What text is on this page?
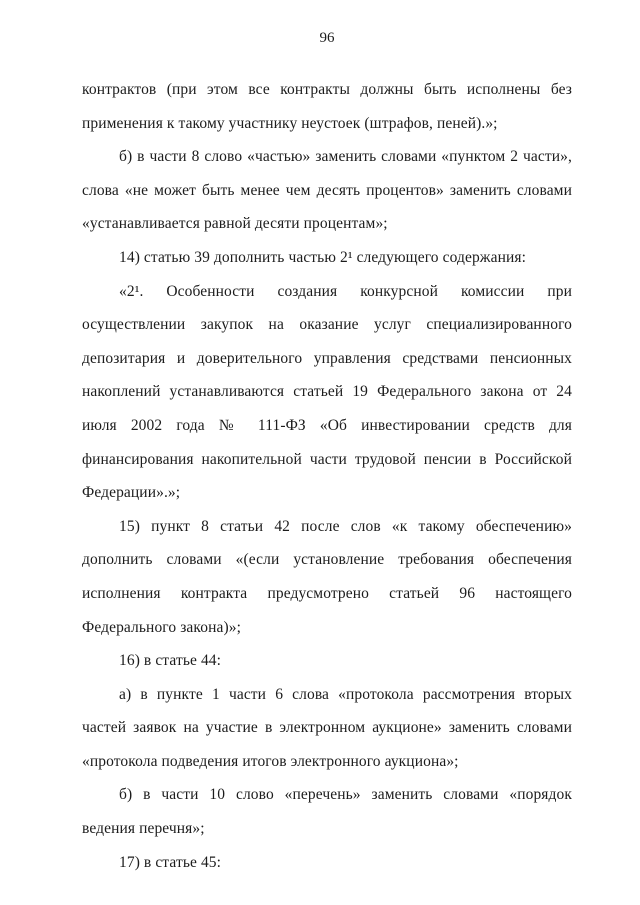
96

контрактов (при этом все контракты должны быть исполнены без применения к такому участнику неустоек (штрафов, пеней).»;

б) в части 8 слово «частью» заменить словами «пунктом 2 части», слова «не может быть менее чем десять процентов» заменить словами «устанавливается равной десяти процентам»;

14) статью 39 дополнить частью 2¹ следующего содержания:

«2¹. Особенности создания конкурсной комиссии при осуществлении закупок на оказание услуг специализированного депозитария и доверительного управления средствами пенсионных накоплений устанавливаются статьей 19 Федерального закона от 24 июля 2002 года № 111-ФЗ «Об инвестировании средств для финансирования накопительной части трудовой пенсии в Российской Федерации».»;

15) пункт 8 статьи 42 после слов «к такому обеспечению» дополнить словами «(если установление требования обеспечения исполнения контракта предусмотрено статьей 96 настоящего Федерального закона)»;

16) в статье 44:

а) в пункте 1 части 6 слова «протокола рассмотрения вторых частей заявок на участие в электронном аукционе» заменить словами «протокола подведения итогов электронного аукциона»;

б) в части 10 слово «перечень» заменить словами «порядок ведения перечня»;

17) в статье 45:
